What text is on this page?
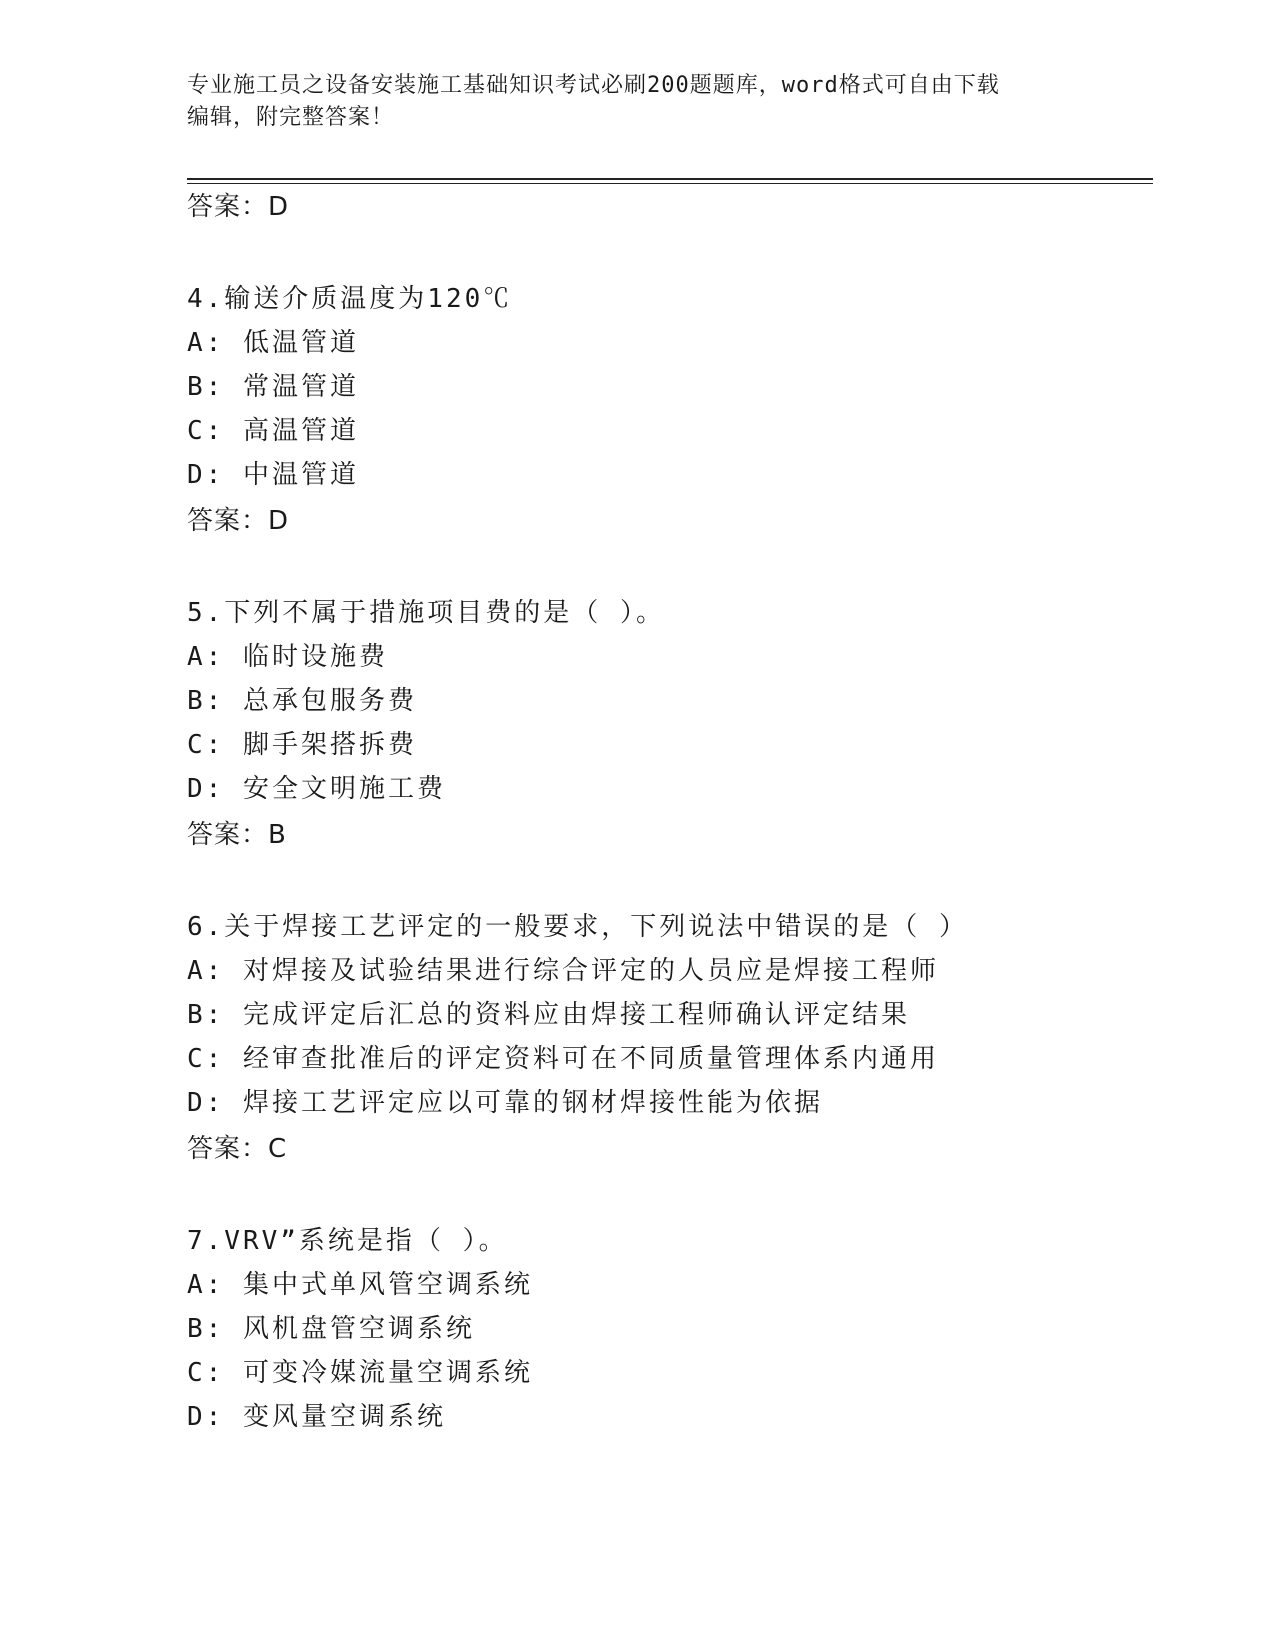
专业施工员之设备安装施工基础知识考试必刷200题题库，word格式可自由下载
编辑，附完整答案！
答案：D
4.输送介质温度为120℃
A: 低温管道
B: 常温管道
C: 高温管道
D: 中温管道
答案：D
5.下列不属于措施项目费的是（ ）。
A: 临时设施费
B: 总承包服务费
C: 脚手架搭拆费
D: 安全文明施工费
答案：B
6.关于焊接工艺评定的一般要求，下列说法中错误的是（ ）
A: 对焊接及试验结果进行综合评定的人员应是焊接工程师
B: 完成评定后汇总的资料应由焊接工程师确认评定结果
C: 经审查批准后的评定资料可在不同质量管理体系内通用
D: 焊接工艺评定应以可靠的钢材焊接性能为依据
答案：C
7.VRV”系统是指（ ）。
A: 集中式单风管空调系统
B: 风机盘管空调系统
C: 可变冷媒流量空调系统
D: 变风量空调系统
